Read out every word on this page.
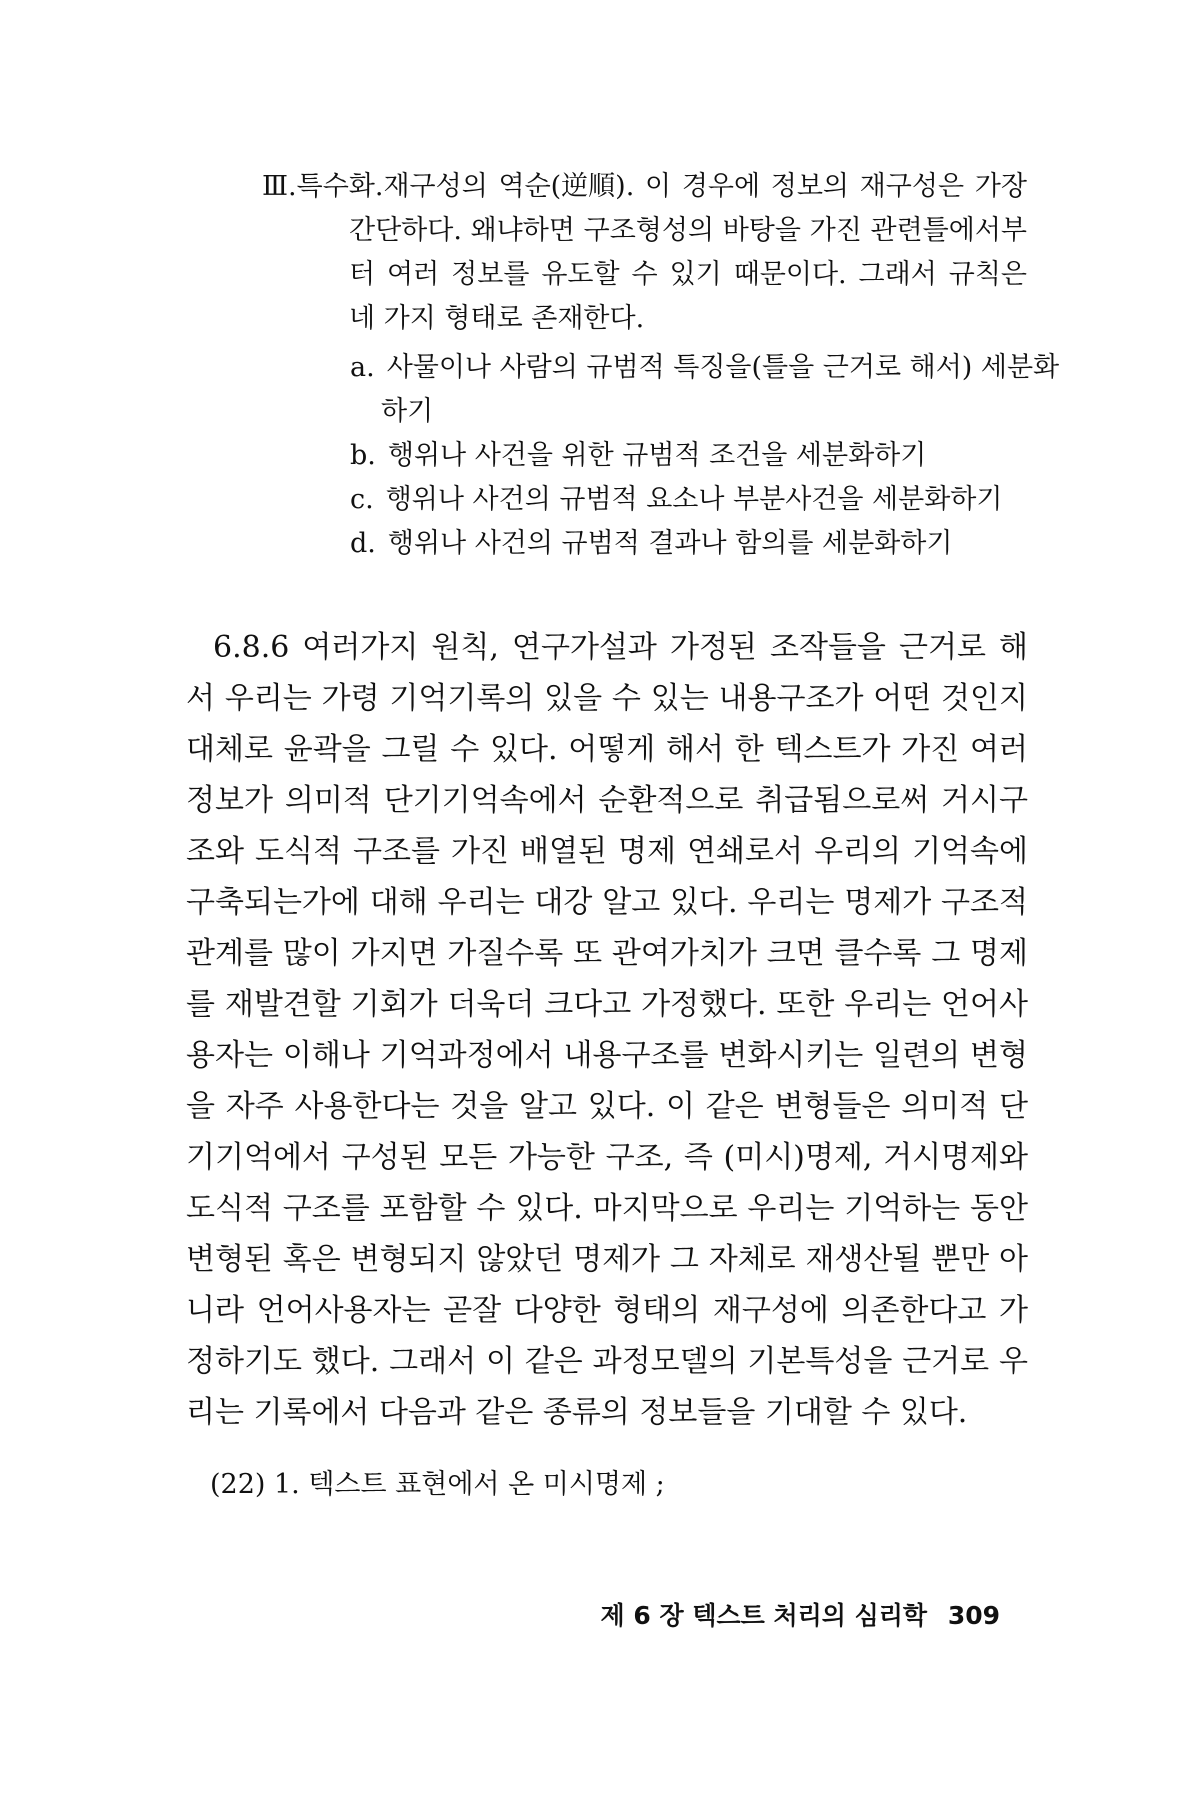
Ⅲ.특수화.재구성의 역순(逆順). 이 경우에 정보의 재구성은 가장
간단하다. 왜냐하면 구조형성의 바탕을 가진 관련틀에서부
터 여러 정보를 유도할 수 있기 때문이다. 그래서 규칙은
네 가지 형태로 존재한다.
a. 사물이나 사람의 규범적 특징을(틀을 근거로 해서) 세분화
하기
b. 행위나 사건을 위한 규범적 조건을 세분화하기
c. 행위나 사건의 규범적 요소나 부분사건을 세분화하기
d. 행위나 사건의 규범적 결과나 함의를 세분화하기
6.8.6 여러가지 원칙, 연구가설과 가정된 조작들을 근거로 해서 우리는 가령 기억기록의 있을 수 있는 내용구조가 어떤 것인지 대체로 윤곽을 그릴 수 있다. 어떻게 해서 한 텍스트가 가진 여러 정보가 의미적 단기기억속에서 순환적으로 취급됨으로써 거시구조와 도식적 구조를 가진 배열된 명제 연쇄로서 우리의 기억속에 구축되는가에 대해 우리는 대강 알고 있다. 우리는 명제가 구조적 관계를 많이 가지면 가질수록 또 관여가치가 크면 클수록 그 명제를 재발견할 기회가 더욱더 크다고 가정했다. 또한 우리는 언어사용자는 이해나 기억과정에서 내용구조를 변화시키는 일련의 변형을 자주 사용한다는 것을 알고 있다. 이 같은 변형들은 의미적 단기기억에서 구성된 모든 가능한 구조, 즉 (미시)명제, 거시명제와 도식적 구조를 포함할 수 있다. 마지막으로 우리는 기억하는 동안 변형된 혹은 변형되지 않았던 명제가 그 자체로 재생산될 뿐만 아니라 언어사용자는 곧잘 다양한 형태의 재구성에 의존한다고 가정하기도 했다. 그래서 이 같은 과정모델의 기본특성을 근거로 우리는 기록에서 다음과 같은 종류의 정보들을 기대할 수 있다.
(22) 1. 텍스트 표현에서 온 미시명제 ;
제 6 장 텍스트 처리의 심리학 309
